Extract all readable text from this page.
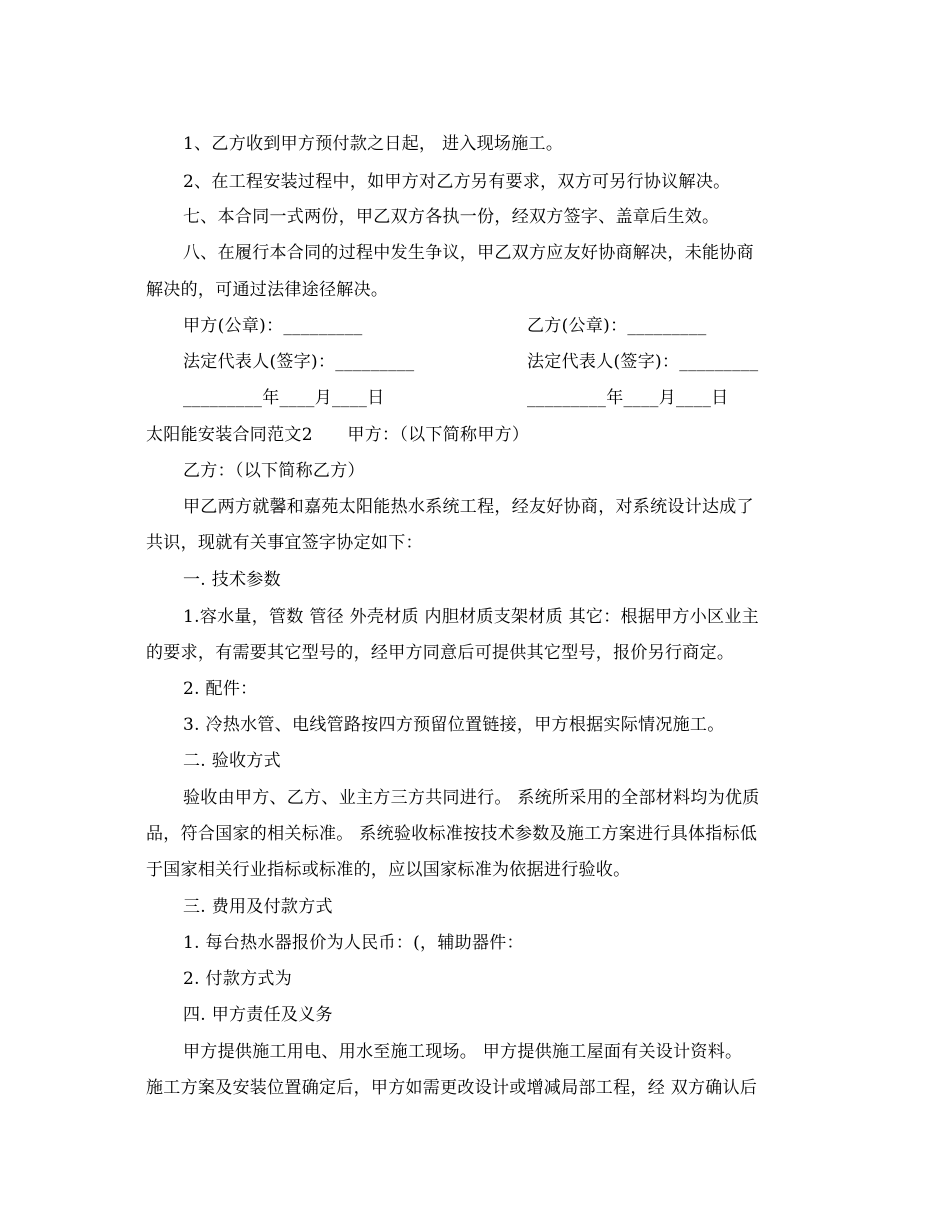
1、乙方收到甲方预付款之日起， 进入现场施工。
2、在工程安装过程中，如甲方对乙方另有要求，双方可另行协议解决。
七、本合同一式两份，甲乙双方各执一份，经双方签字、盖章后生效。
八、在履行本合同的过程中发生争议，甲乙双方应友好协商解决，未能协商
解决的，可通过法律途径解决。
甲方(公章)：_________	乙方(公章)：_________
法定代表人(签字)：_________	法定代表人(签字)：_________
_________年____月____日	_________年____月____日
太阳能安装合同范文2　　甲方：（以下简称甲方）
乙方：（以下简称乙方）
甲乙两方就馨和嘉苑太阳能热水系统工程，经友好协商，对系统设计达成了
共识，现就有关事宜签字协定如下：
一. 技术参数
1.容水量，管数 管径 外壳材质 内胆材质支架材质 其它：根据甲方小区业主
的要求，有需要其它型号的，经甲方同意后可提供其它型号，报价另行商定。
2. 配件：
3. 冷热水管、电线管路按四方预留位置链接，甲方根据实际情况施工。
二. 验收方式
验收由甲方、乙方、业主方三方共同进行。 系统所采用的全部材料均为优质
品，符合国家的相关标准。 系统验收标准按技术参数及施工方案进行具体指标低
于国家相关行业指标或标准的，应以国家标准为依据进行验收。
三. 费用及付款方式
1. 每台热水器报价为人民币：(，辅助器件：
2. 付款方式为
四. 甲方责任及义务
甲方提供施工用电、用水至施工现场。 甲方提供施工屋面有关设计资料。
施工方案及安装位置确定后，甲方如需更改设计或增减局部工程，经 双方确认后
